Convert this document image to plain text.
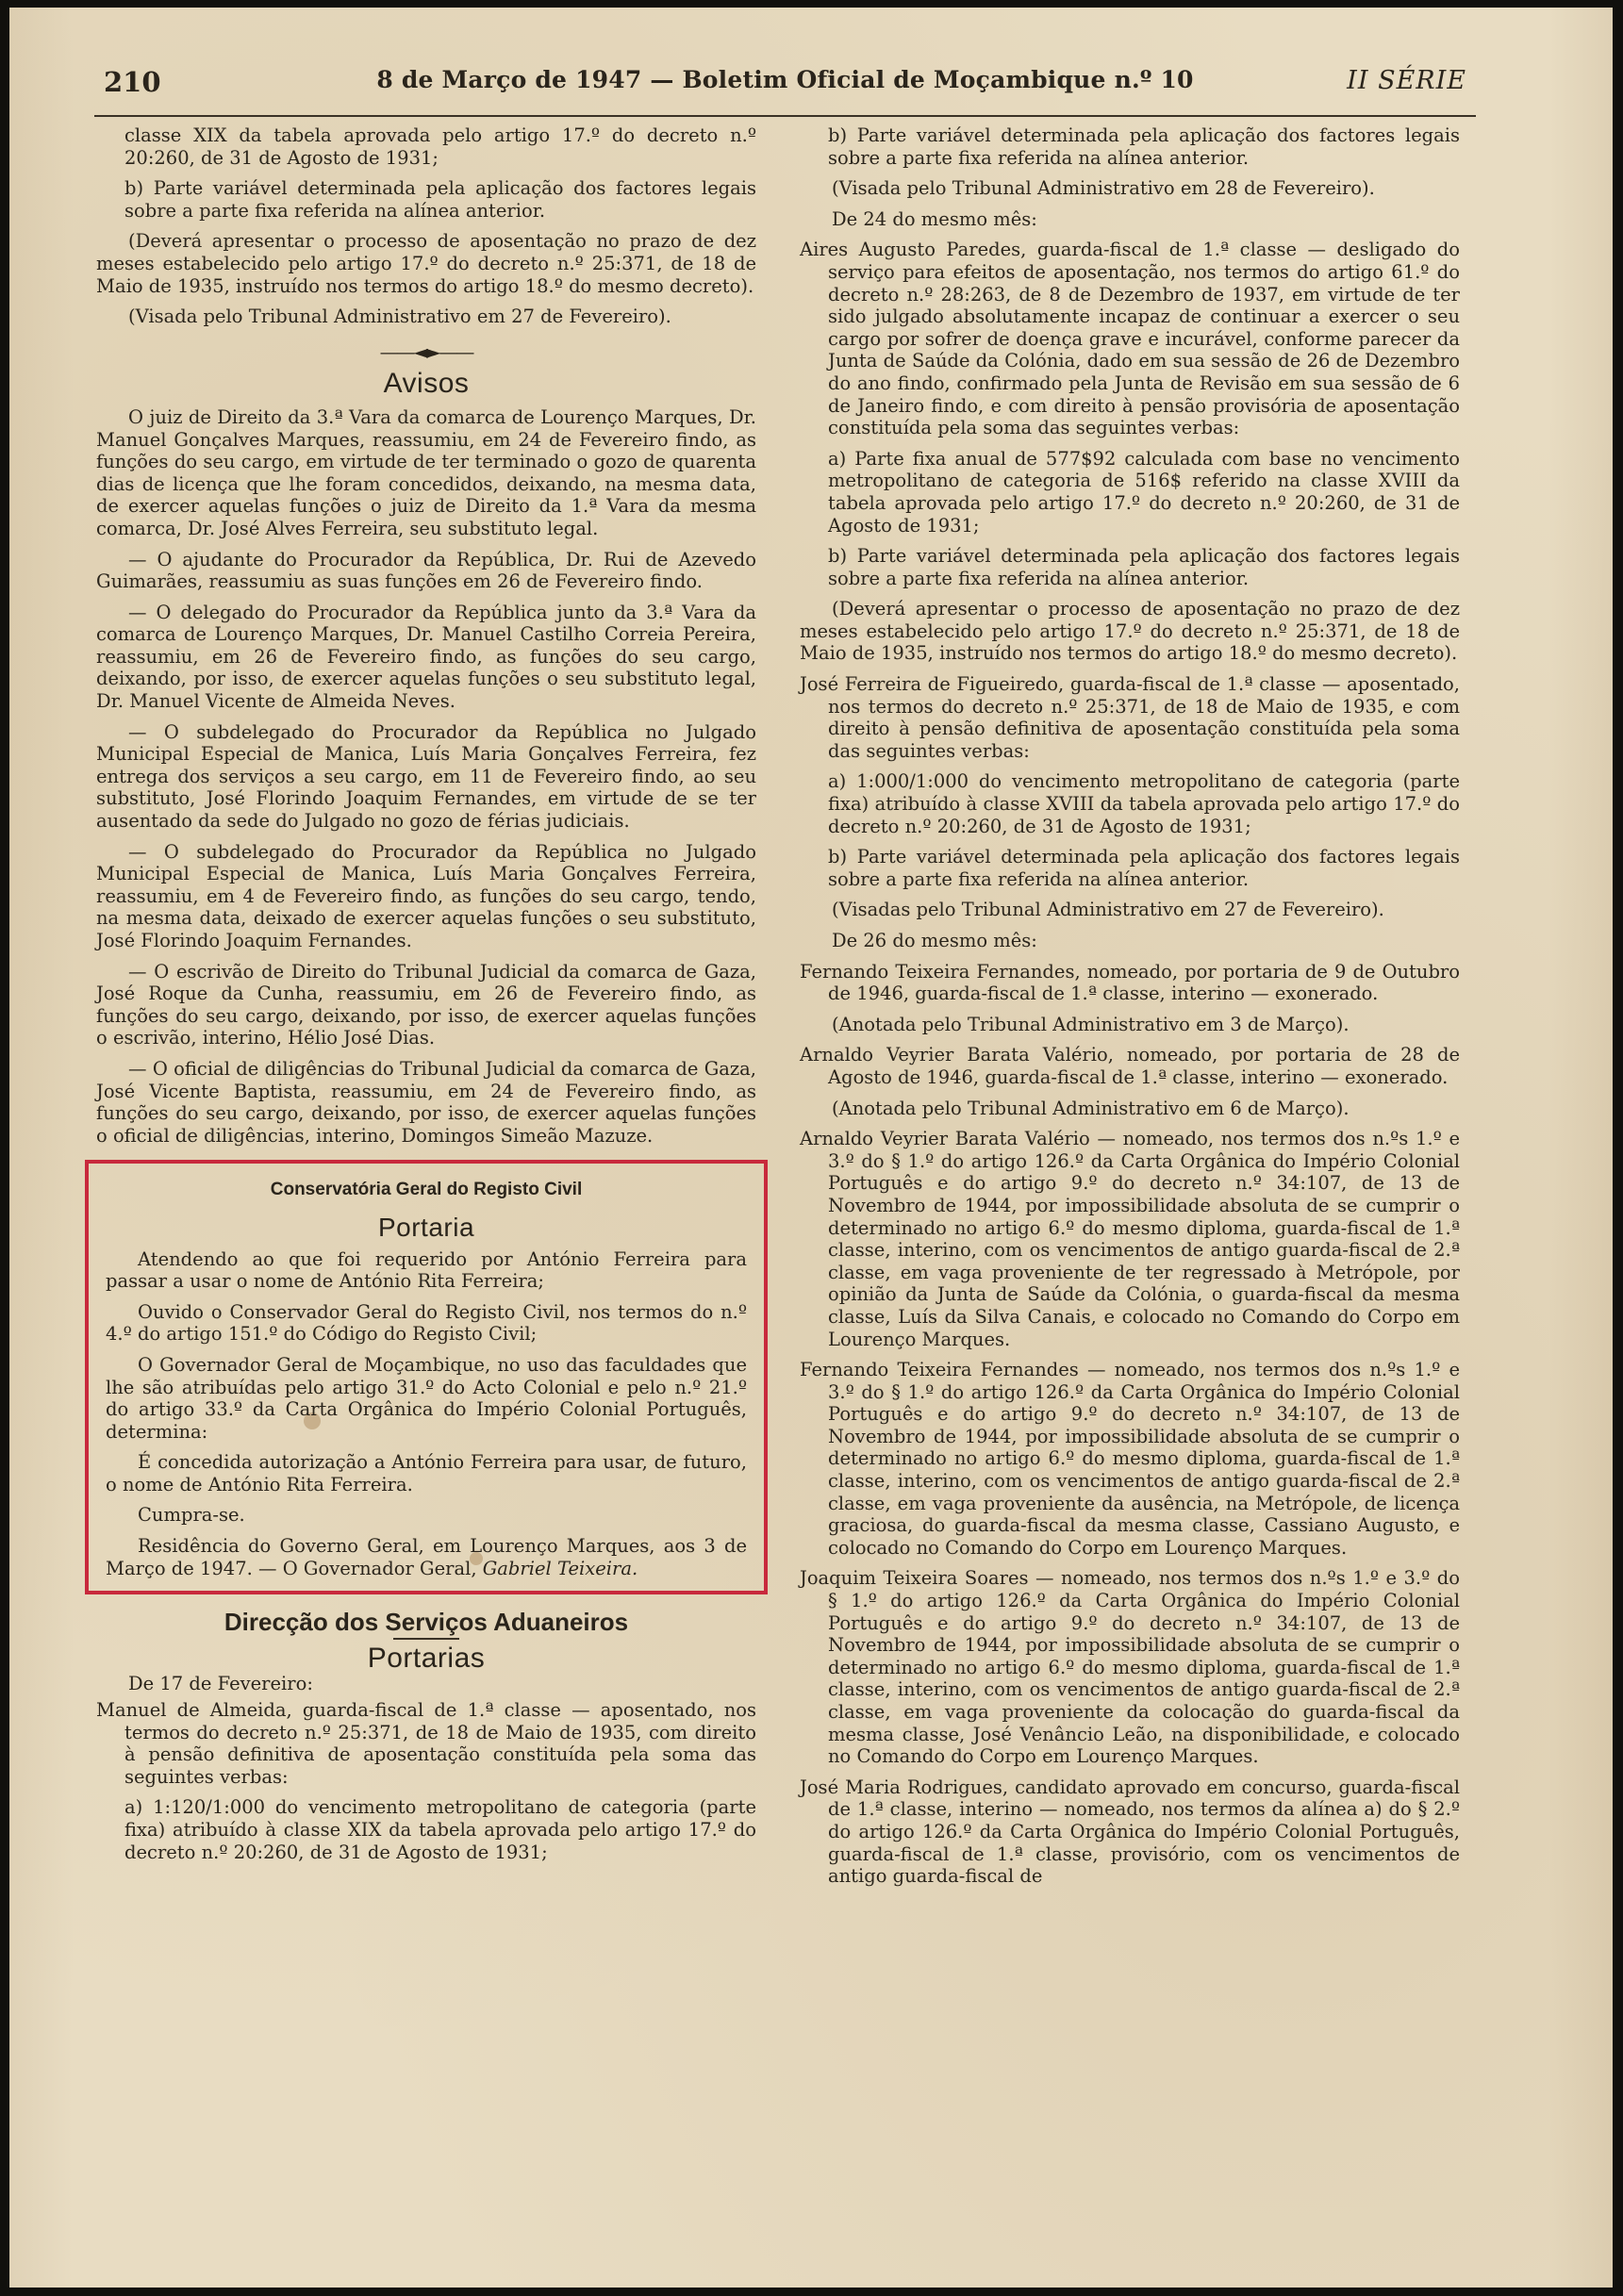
210	8 de Março de 1947 — Boletim Oficial de Moçambique n.º 10	II SÉRIE

classe XIX da tabela aprovada pelo artigo 17.º do decreto n.º 20:260, de 31 de Agosto de 1931;

b) Parte variável determinada pela aplicação dos factores legais sobre a parte fixa referida na alínea anterior.

(Deverá apresentar o processo de aposentação no prazo de dez meses estabelecido pelo artigo 17.º do decreto n.º 25:371, de 18 de Maio de 1935, instruído nos termos do artigo 18.º do mesmo decreto).

(Visada pelo Tribunal Administrativo em 27 de Fevereiro).

——◄►——
Avisos

O juiz de Direito da 3.ª Vara da comarca de Lourenço Marques, Dr. Manuel Gonçalves Marques, reassumiu, em 24 de Fevereiro findo, as funções do seu cargo, em virtude de ter terminado o gozo de quarenta dias de licença que lhe foram concedidos, deixando, na mesma data, de exercer aquelas funções o juiz de Direito da 1.ª Vara da mesma comarca, Dr. José Alves Ferreira, seu substituto legal.

— O ajudante do Procurador da República, Dr. Rui de Azevedo Guimarães, reassumiu as suas funções em 26 de Fevereiro findo.

— O delegado do Procurador da República junto da 3.ª Vara da comarca de Lourenço Marques, Dr. Manuel Castilho Correia Pereira, reassumiu, em 26 de Fevereiro findo, as funções do seu cargo, deixando, por isso, de exercer aquelas funções o seu substituto legal, Dr. Manuel Vicente de Almeida Neves.

— O subdelegado do Procurador da República no Julgado Municipal Especial de Manica, Luís Maria Gonçalves Ferreira, fez entrega dos serviços a seu cargo, em 11 de Fevereiro findo, ao seu substituto, José Florindo Joaquim Fernandes, em virtude de se ter ausentado da sede do Julgado no gozo de férias judiciais.

— O subdelegado do Procurador da República no Julgado Municipal Especial de Manica, Luís Maria Gonçalves Ferreira, reassumiu, em 4 de Fevereiro findo, as funções do seu cargo, tendo, na mesma data, deixado de exercer aquelas funções o seu substituto, José Florindo Joaquim Fernandes.

— O escrivão de Direito do Tribunal Judicial da comarca de Gaza, José Roque da Cunha, reassumiu, em 26 de Fevereiro findo, as funções do seu cargo, deixando, por isso, de exercer aquelas funções o escrivão, interino, Hélio José Dias.

— O oficial de diligências do Tribunal Judicial da comarca de Gaza, José Vicente Baptista, reassumiu, em 24 de Fevereiro findo, as funções do seu cargo, deixando, por isso, de exercer aquelas funções o oficial de diligências, interino, Domingos Simeão Mazuze.

Conservatória Geral do Registo Civil
Portaria

Atendendo ao que foi requerido por António Ferreira para passar a usar o nome de António Rita Ferreira;

Ouvido o Conservador Geral do Registo Civil, nos termos do n.º 4.º do artigo 151.º do Código do Registo Civil;

O Governador Geral de Moçambique, no uso das faculdades que lhe são atribuídas pelo artigo 31.º do Acto Colonial e pelo n.º 21.º do artigo 33.º da Carta Orgânica do Império Colonial Português, determina:

É concedida autorização a António Ferreira para usar, de futuro, o nome de António Rita Ferreira.

Cumpra-se.

Residência do Governo Geral, em Lourenço Marques, aos 3 de Março de 1947. — O Governador Geral, Gabriel Teixeira.

Direcção dos Serviços Aduaneiros
Portarias

De 17 de Fevereiro:

Manuel de Almeida, guarda-fiscal de 1.ª classe — aposentado, nos termos do decreto n.º 25:371, de 18 de Maio de 1935, com direito à pensão definitiva de aposentação constituída pela soma das seguintes verbas:

a) 1:120/1:000 do vencimento metropolitano de categoria (parte fixa) atribuído à classe XIX da tabela aprovada pelo artigo 17.º do decreto n.º 20:260, de 31 de Agosto de 1931;

b) Parte variável determinada pela aplicação dos factores legais sobre a parte fixa referida na alínea anterior.

(Visada pelo Tribunal Administrativo em 28 de Fevereiro).

De 24 do mesmo mês:

Aires Augusto Paredes, guarda-fiscal de 1.ª classe — desligado do serviço para efeitos de aposentação, nos termos do artigo 61.º do decreto n.º 28:263, de 8 de Dezembro de 1937, em virtude de ter sido julgado absolutamente incapaz de continuar a exercer o seu cargo por sofrer de doença grave e incurável, conforme parecer da Junta de Saúde da Colónia, dado em sua sessão de 26 de Dezembro do ano findo, confirmado pela Junta de Revisão em sua sessão de 6 de Janeiro findo, e com direito à pensão provisória de aposentação constituída pela soma das seguintes verbas:

a) Parte fixa anual de 577$92 calculada com base no vencimento metropolitano de categoria de 516$ referido na classe XVIII da tabela aprovada pelo artigo 17.º do decreto n.º 20:260, de 31 de Agosto de 1931;

b) Parte variável determinada pela aplicação dos factores legais sobre a parte fixa referida na alínea anterior.

(Deverá apresentar o processo de aposentação no prazo de dez meses estabelecido pelo artigo 17.º do decreto n.º 25:371, de 18 de Maio de 1935, instruído nos termos do artigo 18.º do mesmo decreto).

José Ferreira de Figueiredo, guarda-fiscal de 1.ª classe — aposentado, nos termos do decreto n.º 25:371, de 18 de Maio de 1935, e com direito à pensão definitiva de aposentação constituída pela soma das seguintes verbas:

a) 1:000/1:000 do vencimento metropolitano de categoria (parte fixa) atribuído à classe XVIII da tabela aprovada pelo artigo 17.º do decreto n.º 20:260, de 31 de Agosto de 1931;

b) Parte variável determinada pela aplicação dos factores legais sobre a parte fixa referida na alínea anterior.

(Visadas pelo Tribunal Administrativo em 27 de Fevereiro).

De 26 do mesmo mês:

Fernando Teixeira Fernandes, nomeado, por portaria de 9 de Outubro de 1946, guarda-fiscal de 1.ª classe, interino — exonerado.

(Anotada pelo Tribunal Administrativo em 3 de Março).

Arnaldo Veyrier Barata Valério, nomeado, por portaria de 28 de Agosto de 1946, guarda-fiscal de 1.ª classe, interino — exonerado.

(Anotada pelo Tribunal Administrativo em 6 de Março).

Arnaldo Veyrier Barata Valério — nomeado, nos termos dos n.ºs 1.º e 3.º do § 1.º do artigo 126.º da Carta Orgânica do Império Colonial Português e do artigo 9.º do decreto n.º 34:107, de 13 de Novembro de 1944, por impossibilidade absoluta de se cumprir o determinado no artigo 6.º do mesmo diploma, guarda-fiscal de 1.ª classe, interino, com os vencimentos de antigo guarda-fiscal de 2.ª classe, em vaga proveniente de ter regressado à Metrópole, por opinião da Junta de Saúde da Colónia, o guarda-fiscal da mesma classe, Luís da Silva Canais, e colocado no Comando do Corpo em Lourenço Marques.

Fernando Teixeira Fernandes — nomeado, nos termos dos n.ºs 1.º e 3.º do § 1.º do artigo 126.º da Carta Orgânica do Império Colonial Português e do artigo 9.º do decreto n.º 34:107, de 13 de Novembro de 1944, por impossibilidade absoluta de se cumprir o determinado no artigo 6.º do mesmo diploma, guarda-fiscal de 1.ª classe, interino, com os vencimentos de antigo guarda-fiscal de 2.ª classe, em vaga proveniente da ausência, na Metrópole, de licença graciosa, do guarda-fiscal da mesma classe, Cassiano Augusto, e colocado no Comando do Corpo em Lourenço Marques.

Joaquim Teixeira Soares — nomeado, nos termos dos n.ºs 1.º e 3.º do § 1.º do artigo 126.º da Carta Orgânica do Império Colonial Português e do artigo 9.º do decreto n.º 34:107, de 13 de Novembro de 1944, por impossibilidade absoluta de se cumprir o determinado no artigo 6.º do mesmo diploma, guarda-fiscal de 1.ª classe, interino, com os vencimentos de antigo guarda-fiscal de 2.ª classe, em vaga proveniente da colocação do guarda-fiscal da mesma classe, José Venâncio Leão, na disponibilidade, e colocado no Comando do Corpo em Lourenço Marques.

José Maria Rodrigues, candidato aprovado em concurso, guarda-fiscal de 1.ª classe, interino — nomeado, nos termos da alínea a) do § 2.º do artigo 126.º da Carta Orgânica do Império Colonial Português, guarda-fiscal de 1.ª classe, provisório, com os vencimentos de antigo guarda-fiscal de
